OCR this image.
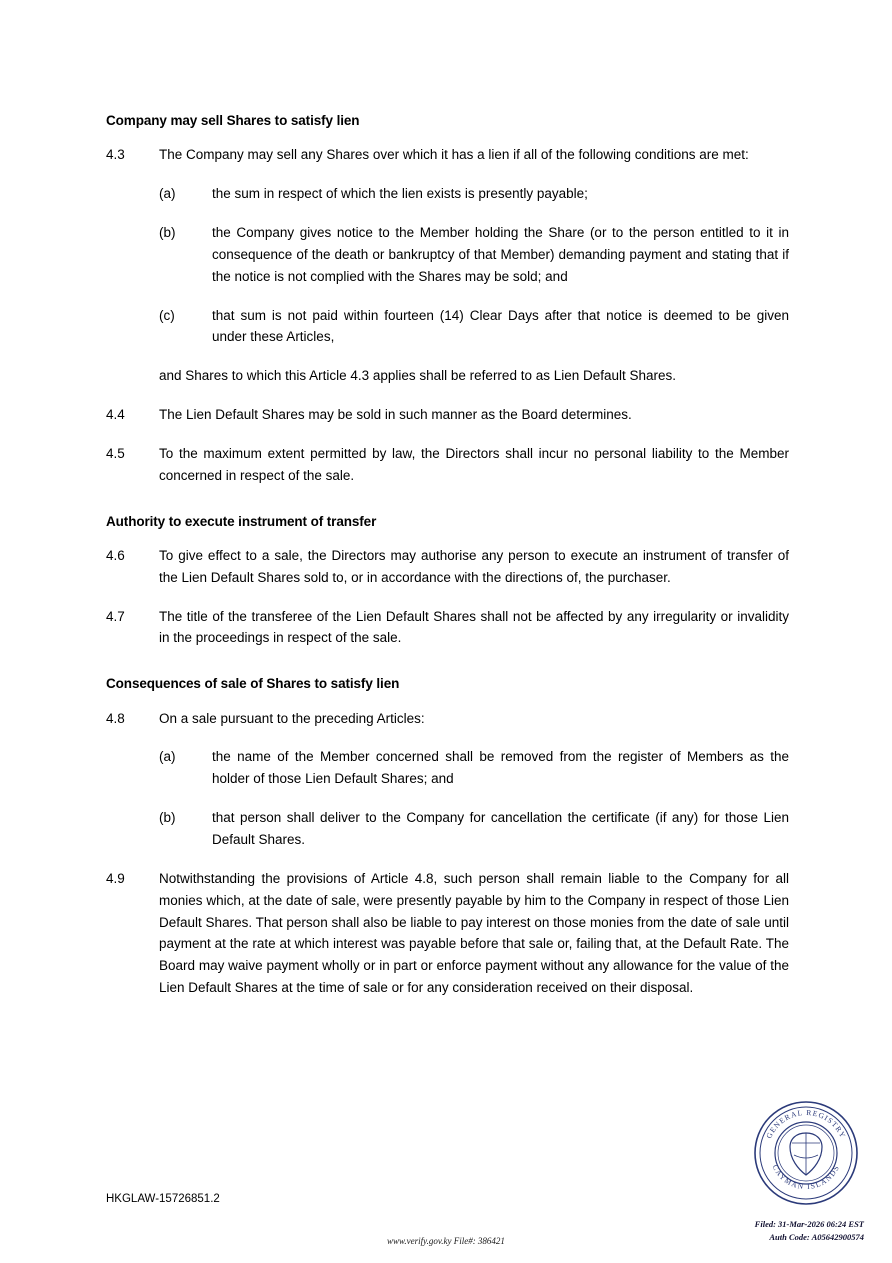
Company may sell Shares to satisfy lien
4.3	The Company may sell any Shares over which it has a lien if all of the following conditions are met:
(a)	the sum in respect of which the lien exists is presently payable;
(b)	the Company gives notice to the Member holding the Share (or to the person entitled to it in consequence of the death or bankruptcy of that Member) demanding payment and stating that if the notice is not complied with the Shares may be sold; and
(c)	that sum is not paid within fourteen (14) Clear Days after that notice is deemed to be given under these Articles,
and Shares to which this Article 4.3 applies shall be referred to as Lien Default Shares.
4.4	The Lien Default Shares may be sold in such manner as the Board determines.
4.5	To the maximum extent permitted by law, the Directors shall incur no personal liability to the Member concerned in respect of the sale.
Authority to execute instrument of transfer
4.6	To give effect to a sale, the Directors may authorise any person to execute an instrument of transfer of the Lien Default Shares sold to, or in accordance with the directions of, the purchaser.
4.7	The title of the transferee of the Lien Default Shares shall not be affected by any irregularity or invalidity in the proceedings in respect of the sale.
Consequences of sale of Shares to satisfy lien
4.8	On a sale pursuant to the preceding Articles:
(a)	the name of the Member concerned shall be removed from the register of Members as the holder of those Lien Default Shares; and
(b)	that person shall deliver to the Company for cancellation the certificate (if any) for those Lien Default Shares.
4.9	Notwithstanding the provisions of Article 4.8, such person shall remain liable to the Company for all monies which, at the date of sale, were presently payable by him to the Company in respect of those Lien Default Shares. That person shall also be liable to pay interest on those monies from the date of sale until payment at the rate at which interest was payable before that sale or, failing that, at the Default Rate. The Board may waive payment wholly or in part or enforce payment without any allowance for the value of the Lien Default Shares at the time of sale or for any consideration received on their disposal.
HKGLAW-15726851.2
www.verify.gov.ky File#: 386421
GENERAL REGISTRY
CAYMAN ISLANDS
Filed: 31-Mar-2026 06:24 EST
Auth Code: A05642900574
